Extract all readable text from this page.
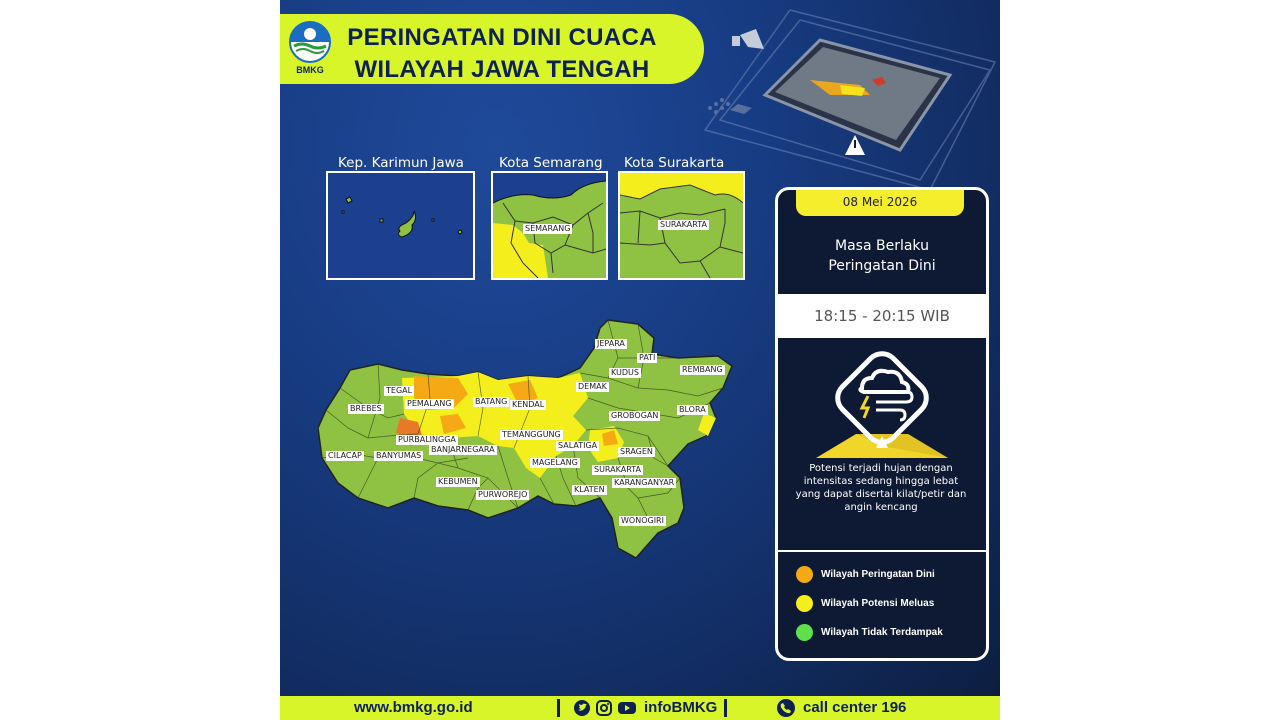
BMKG
PERINGATAN DINI CUACA
WILAYAH JAWA TENGAH
Kep. Karimun Jawa	Kota Semarang
SEMARANG
Kota Surakarta
SURAKARTA
JEPARA
PATI
KUDUS	REMBANG
DEMAK
TEGAL
PEMALANG	BATANG KENDAL
BREBES
GROBOGAN
BLORA
PURBALINGGA
TEMANGGUNG
SALATIGA
BANJARNEGARA	SRAGEN
CILACAP BANYUMAS
MAGELANG
SURAKARTA
KEBUMEN	KARANGANYAR
KLATEN
PURWOREJO
WONOGIRI
08 Mei 2026
Masa Berlaku
Peringatan Dini
18:15 - 20:15 WIB
Potensi terjadi hujan dengan intensitas sedang hingga lebat yang dapat disertai kilat/petir dan angin kencang
Wilayah Peringatan Dini
Wilayah Potensi Meluas
Wilayah Tidak Terdampak
www.bmkg.go.id	infoBMKG	call center 196
